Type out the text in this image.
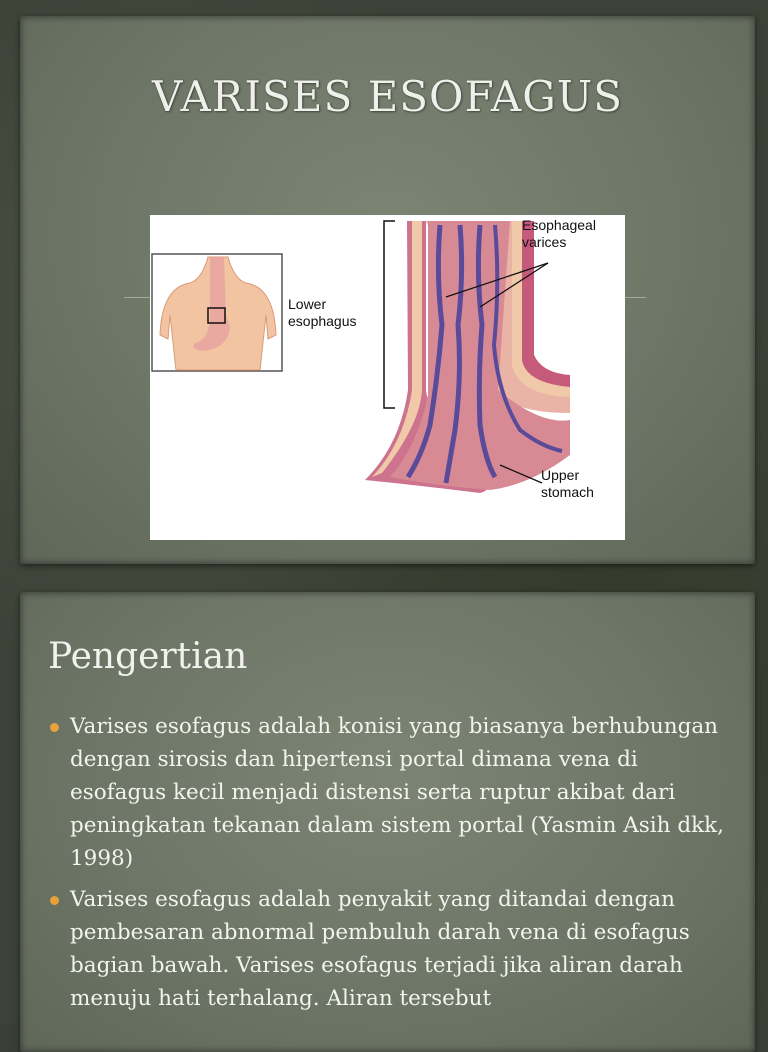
VARISES ESOFAGUS
Lower
esophagus
Esophageal
varices
Upper
stomach
Pengertian
Varises esofagus adalah konisi yang biasanya berhubungan dengan sirosis dan hipertensi portal dimana vena di esofagus kecil menjadi distensi serta ruptur akibat dari peningkatan tekanan dalam sistem portal (Yasmin Asih dkk, 1998)
Varises esofagus adalah penyakit yang ditandai dengan pembesaran abnormal pembuluh darah vena di esofagus bagian bawah. Varises esofagus terjadi jika aliran darah menuju hati terhalang. Aliran tersebut
